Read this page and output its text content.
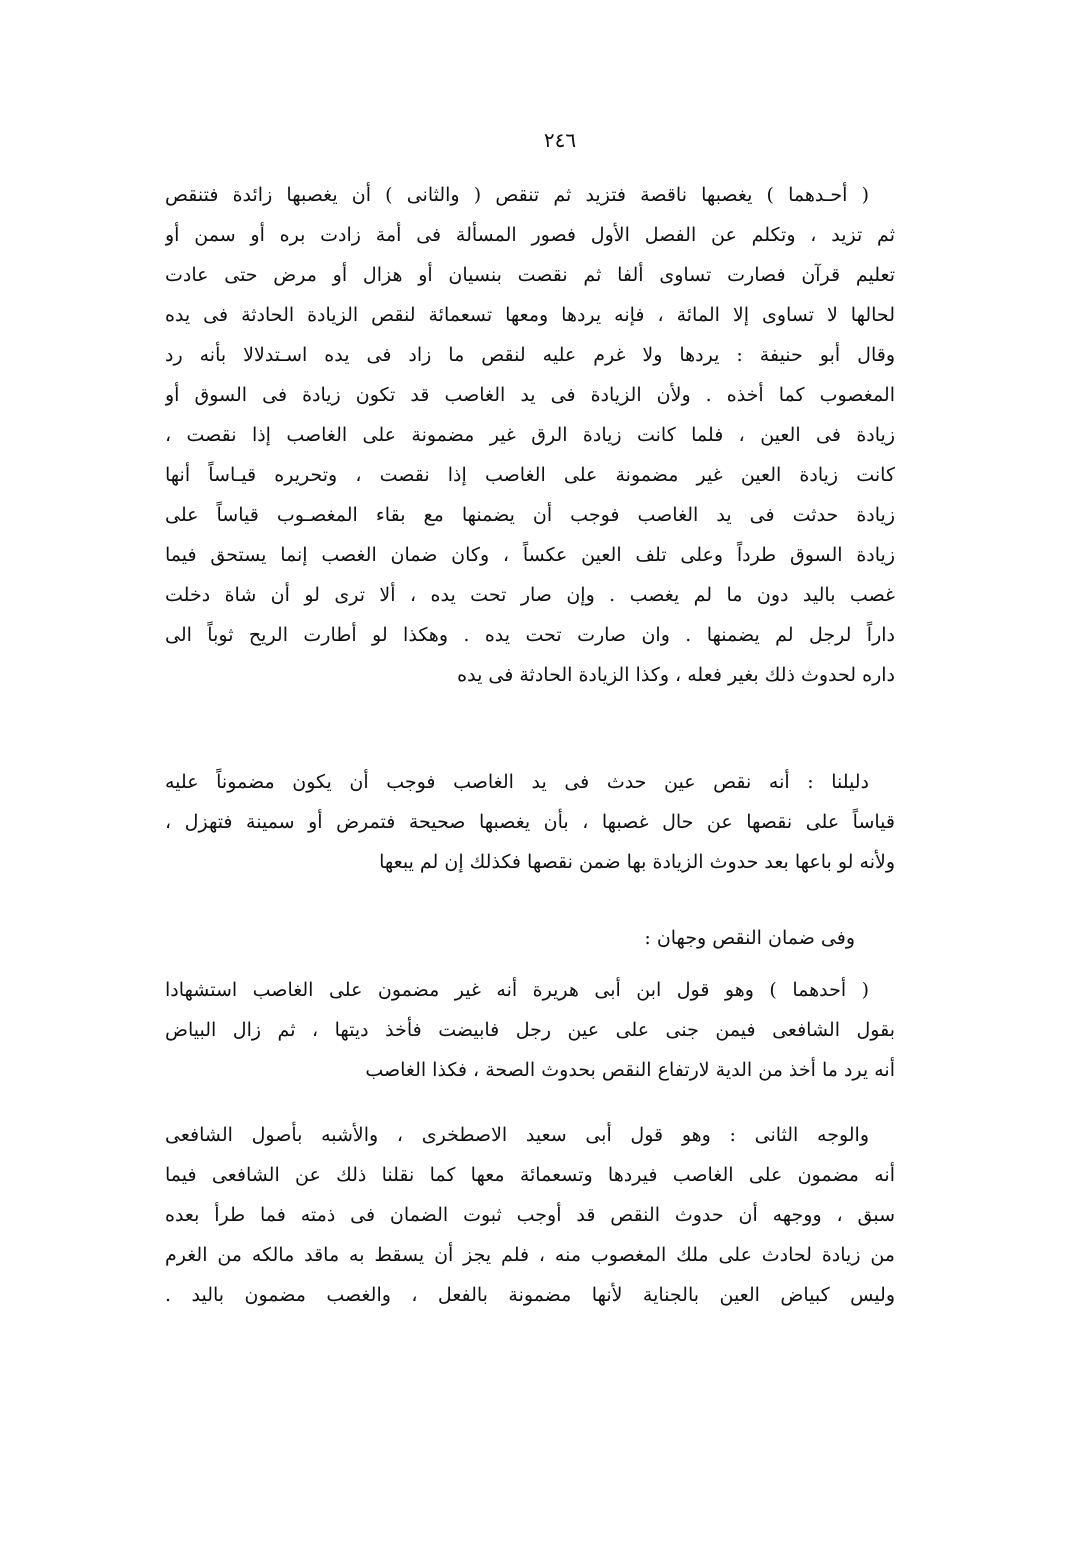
٢٤٦
( أحـدهما ) يغصبها ناقصة فتزيد ثم تنقص ( والثانى ) أن يغصبها زائدة فتنقص
ثم تزيد ، وتكلم عن الفصل الأول فصور المسألة فى أمة زادت بره أو سمن أو
تعليم قرآن فصارت تساوى ألفا ثم نقصت بنسيان أو هزال أو مرض حتى عادت
لحالها لا تساوى إلا المائة ، فإنه يردها ومعها تسعمائة لنقص الزيادة الحادثة فى يده
وقال أبو حنيفة : يردها ولا غرم عليه لنقص ما زاد فى يده اسـتدلالا بأنه رد
المغصوب كما أخذه . ولأن الزيادة فى يد الغاصب قد تكون زيادة فى السوق أو
زيادة فى العين ، فلما كانت زيادة الرق غير مضمونة على الغاصب إذا نقصت ،
كانت زيادة العين غير مضمونة على الغاصب إذا نقصت ، وتحريره قيـاساً أنها
زيادة حدثت فى يد الغاصب فوجب أن يضمنها مع بقاء المغصـوب قياساً على
زيادة السوق طرداً وعلى تلف العين عكساً ، وكان ضمان الغصب إنما يستحق فيما
غصب باليد دون ما لم يغصب . وإن صار تحت يده ، ألا ترى لو أن شاة دخلت
داراً لرجل لم يضمنها . وان صارت تحت يده . وهكذا لو أطارت الريح ثوباً الى
داره لحدوث ذلك بغير فعله ، وكذا الزيادة الحادثة فى يده
دليلنا : أنه نقص عين حدث فى يد الغاصب فوجب أن يكون مضموناً عليه
قياساً على نقصها عن حال غصبها ، بأن يغصبها صحيحة فتمرض أو سمينة فتهزل ،
ولأنه لو باعها بعد حدوث الزيادة بها ضمن نقصها فكذلك إن لم يبعها
وفى ضمان النقص وجهان :
( أحدهما ) وهو قول ابن أبى هريرة أنه غير مضمون على الغاصب استشهادا
بقول الشافعى فيمن جنى على عين رجل فابيضت فأخذ ديتها ، ثم زال البياض
أنه يرد ما أخذ من الدية لارتفاع النقص بحدوث الصحة ، فكذا الغاصب
والوجه الثانى : وهو قول أبى سعيد الاصطخرى ، والأشبه بأصول الشافعى
أنه مضمون على الغاصب فيردها وتسعمائة معها كما نقلنا ذلك عن الشافعى فيما
سبق ، ووجهه أن حدوث النقص قد أوجب ثبوت الضمان فى ذمته فما طرأ بعده
من زيادة لحادث على ملك المغصوب منه ، فلم يجز أن يسقط به ماقد مالكه من الغرم
وليس كبياض العين بالجناية لأنها مضمونة بالفعل ، والغصب مضمون باليد .
